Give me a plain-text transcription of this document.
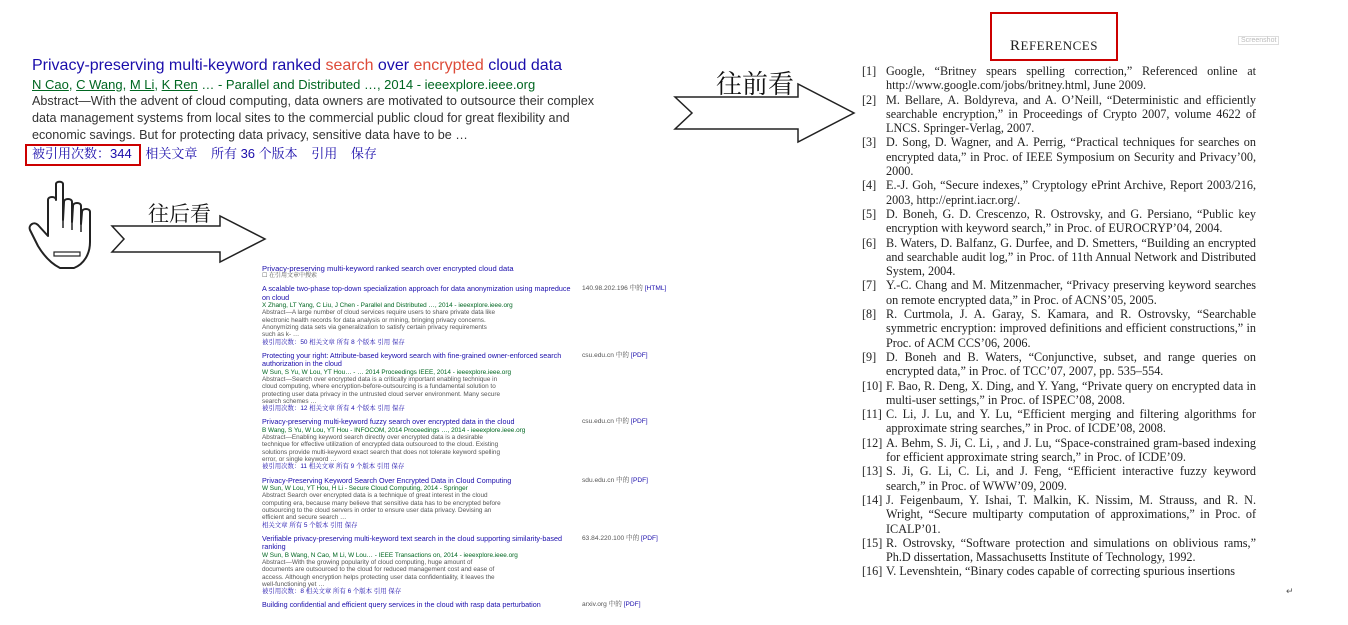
Privacy-preserving multi-keyword ranked search over encrypted cloud data
N Cao, C Wang, M Li, K Ren … - Parallel and Distributed …, 2014 - ieeexplore.ieee.org
Abstract—With the advent of cloud computing, data owners are motivated to outsource their complex data management systems from local sites to the commercial public cloud for great flexibility and economic savings. But for protecting data privacy, sensitive data have to be …
被引用次数：344 相关文章 所有 36 个版本 引用 保存
往前看
往后看
Privacy-preserving multi-keyword ranked search over encrypted cloud data
☐ 在引用文章中搜索
A scalable two-phase top-down specialization approach for data anonymization using mapreduce on cloud
X Zhang, LT Yang, C Liu, J Chen - Parallel and Distributed …, 2014 - ieeexplore.ieee.org
Abstract—A large number of cloud services require users to share private data like electronic health records for data analysis or mining, bringing privacy concerns. Anonymizing data sets via generalization to satisfy certain privacy requirements such as k- …
被引用次数：50 相关文章 所有 8 个版本 引用 保存
140.98.202.196 中的 [HTML]
Protecting your right: Attribute-based keyword search with fine-grained owner-enforced search authorization in the cloud
W Sun, S Yu, W Lou, YT Hou… - … 2014 Proceedings IEEE, 2014 - ieeexplore.ieee.org
Abstract—Search over encrypted data is a critically important enabling technique in cloud computing, where encryption-before-outsourcing is a fundamental solution to protecting user data privacy in the untrusted cloud server environment. Many secure search schemes …
被引用次数：12 相关文章 所有 4 个版本 引用 保存
csu.edu.cn 中的 [PDF]
Privacy-preserving multi-keyword fuzzy search over encrypted data in the cloud
B Wang, S Yu, W Lou, YT Hou - INFOCOM, 2014 Proceedings …, 2014 - ieeexplore.ieee.org
Abstract—Enabling keyword search directly over encrypted data is a desirable technique for effective utilization of encrypted data outsourced to the cloud. Existing solutions provide multi-keyword exact search that does not tolerate keyword spelling error, or single keyword …
被引用次数：11 相关文章 所有 9 个版本 引用 保存
csu.edu.cn 中的 [PDF]
Privacy-Preserving Keyword Search Over Encrypted Data in Cloud Computing
W Sun, W Lou, YT Hou, H Li - Secure Cloud Computing, 2014 - Springer
Abstract Search over encrypted data is a technique of great interest in the cloud computing era, because many believe that sensitive data has to be encrypted before outsourcing to the cloud servers in order to ensure user data privacy. Devising an efficient and secure search …
相关文章 所有 5 个版本 引用 保存
sdu.edu.cn 中的 [PDF]
Verifiable privacy-preserving multi-keyword text search in the cloud supporting similarity-based ranking
W Sun, B Wang, N Cao, M Li, W Lou… - IEEE Transactions on, 2014 - ieeexplore.ieee.org
Abstract—With the growing popularity of cloud computing, huge amount of documents are outsourced to the cloud for reduced management cost and ease of access. Although encryption helps protecting user data confidentiality, it leaves the well-functioning yet …
被引用次数：8 相关文章 所有 6 个版本 引用 保存
63.84.220.100 中的 [PDF]
Building confidential and efficient query services in the cloud with rasp data perturbation	arxiv.org 中的 [PDF]
REFERENCES	Screenshot
[1] Google, “Britney spears spelling correction,” Referenced online at http://www.google.com/jobs/britney.html, June 2009.
[2] M. Bellare, A. Boldyreva, and A. O’Neill, “Deterministic and efficiently searchable encryption,” in Proceedings of Crypto 2007, volume 4622 of LNCS. Springer-Verlag, 2007.
[3] D. Song, D. Wagner, and A. Perrig, “Practical techniques for searches on encrypted data,” in Proc. of IEEE Symposium on Security and Privacy’00, 2000.
[4] E.-J. Goh, “Secure indexes,” Cryptology ePrint Archive, Report 2003/216, 2003, http://eprint.iacr.org/.
[5] D. Boneh, G. D. Crescenzo, R. Ostrovsky, and G. Persiano, “Public key encryption with keyword search,” in Proc. of EUROCRYP’04, 2004.
[6] B. Waters, D. Balfanz, G. Durfee, and D. Smetters, “Building an encrypted and searchable audit log,” in Proc. of 11th Annual Network and Distributed System, 2004.
[7] Y.-C. Chang and M. Mitzenmacher, “Privacy preserving keyword searches on remote encrypted data,” in Proc. of ACNS’05, 2005.
[8] R. Curtmola, J. A. Garay, S. Kamara, and R. Ostrovsky, “Searchable symmetric encryption: improved definitions and efficient constructions,” in Proc. of ACM CCS’06, 2006.
[9] D. Boneh and B. Waters, “Conjunctive, subset, and range queries on encrypted data,” in Proc. of TCC’07, 2007, pp. 535–554.
[10] F. Bao, R. Deng, X. Ding, and Y. Yang, “Private query on encrypted data in multi-user settings,” in Proc. of ISPEC’08, 2008.
[11] C. Li, J. Lu, and Y. Lu, “Efficient merging and filtering algorithms for approximate string searches,” in Proc. of ICDE’08, 2008.
[12] A. Behm, S. Ji, C. Li, , and J. Lu, “Space-constrained gram-based indexing for efficient approximate string search,” in Proc. of ICDE’09.
[13] S. Ji, G. Li, C. Li, and J. Feng, “Efficient interactive fuzzy keyword search,” in Proc. of WWW’09, 2009.
[14] J. Feigenbaum, Y. Ishai, T. Malkin, K. Nissim, M. Strauss, and R. N. Wright, “Secure multiparty computation of approximations,” in Proc. of ICALP’01.
[15] R. Ostrovsky, “Software protection and simulations on oblivious rams,” Ph.D dissertation, Massachusetts Institute of Technology, 1992.
[16] V. Levenshtein, “Binary codes capable of correcting spurious insertions
↵
